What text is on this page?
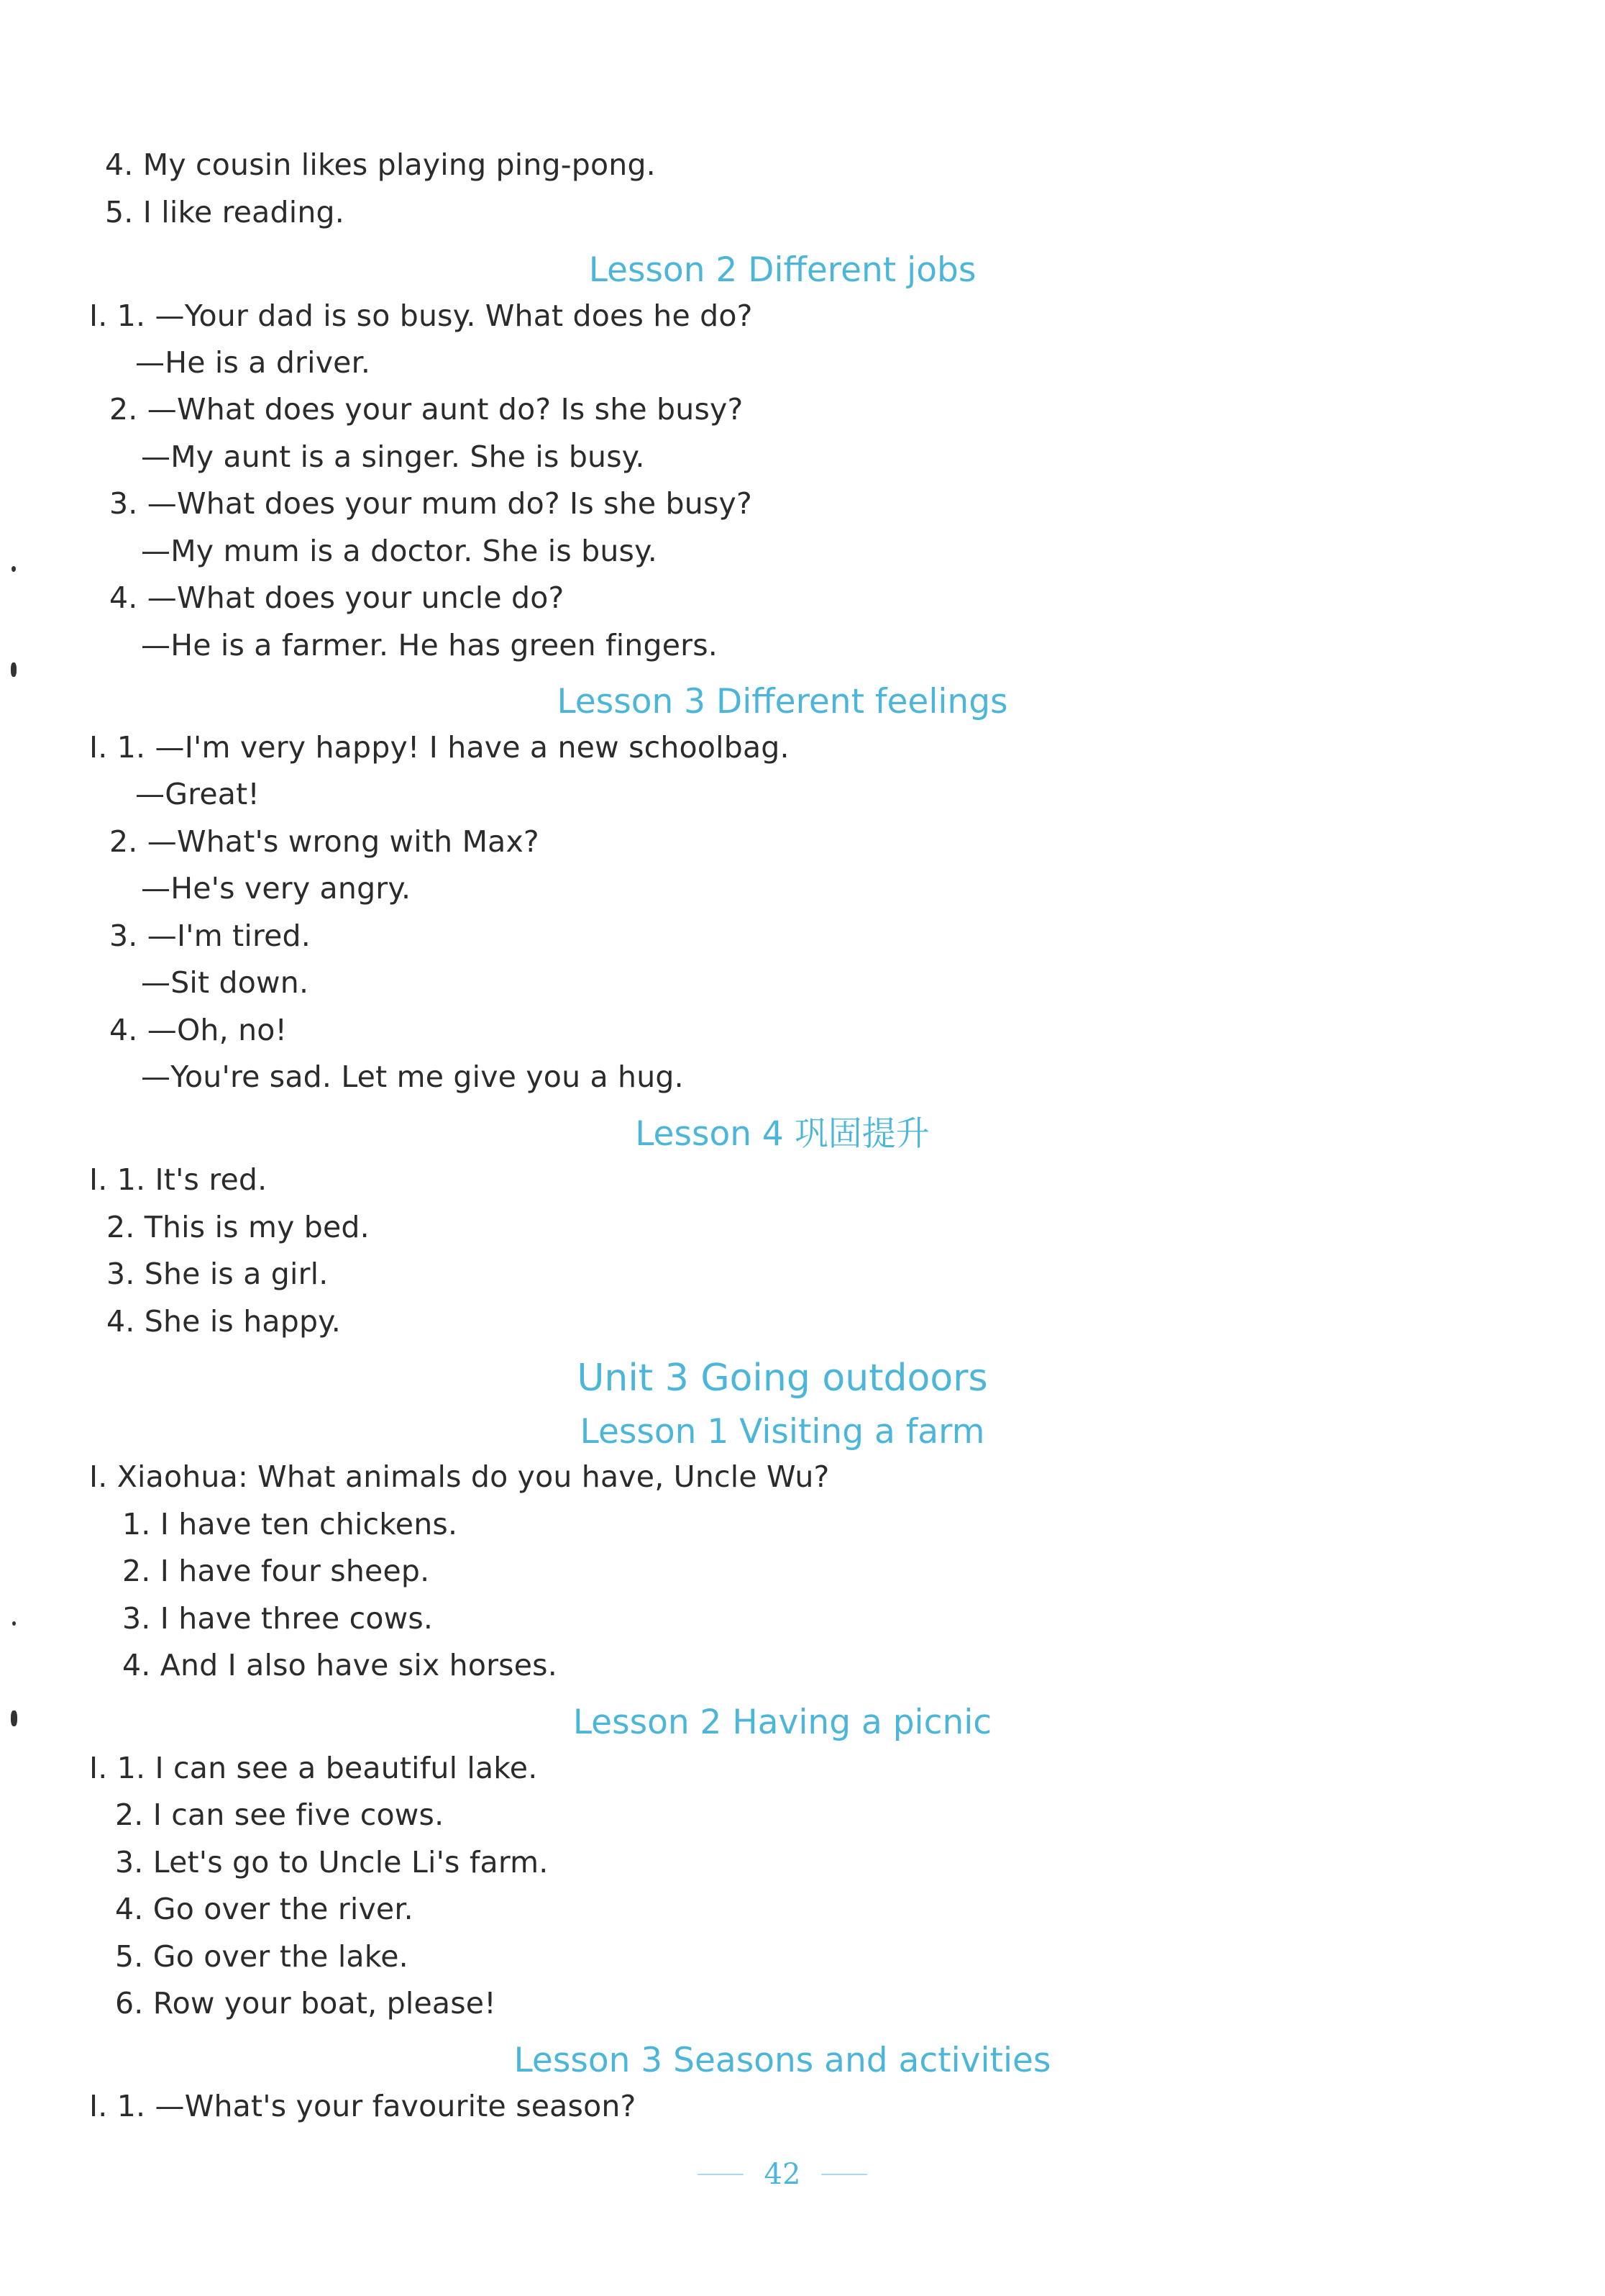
4. My cousin likes playing ping-pong.
5. I like reading.
Lesson 2 Different jobs
I. 1. —Your dad is so busy. What does he do?
—He is a driver.
2. —What does your aunt do? Is she busy?
—My aunt is a singer. She is busy.
3. —What does your mum do? Is she busy?
—My mum is a doctor. She is busy.
4. —What does your uncle do?
—He is a farmer. He has green fingers.
Lesson 3 Different feelings
I. 1. —I'm very happy! I have a new schoolbag.
—Great!
2. —What's wrong with Max?
—He's very angry.
3. —I'm tired.
—Sit down.
4. —Oh, no!
—You're sad. Let me give you a hug.
Lesson 4 巩固提升
I. 1. It's red.
2. This is my bed.
3. She is a girl.
4. She is happy.
Unit 3 Going outdoors
Lesson 1 Visiting a farm
I. Xiaohua: What animals do you have, Uncle Wu?
1. I have ten chickens.
2. I have four sheep.
3. I have three cows.
4. And I also have six horses.
Lesson 2 Having a picnic
I. 1. I can see a beautiful lake.
2. I can see five cows.
3. Let's go to Uncle Li's farm.
4. Go over the river.
5. Go over the lake.
6. Row your boat, please!
Lesson 3 Seasons and activities
I. 1. —What's your favourite season?
42
